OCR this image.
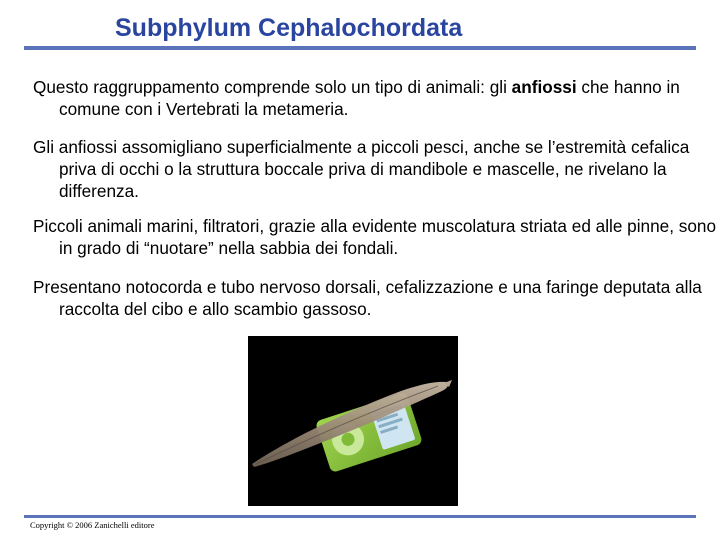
Subphylum Cephalochordata

Questo raggruppamento comprende solo un tipo di animali: gli anfiossi che hanno in comune con i Vertebrati la metameria.

Gli anfiossi assomigliano superficialmente a piccoli pesci, anche se l’estremità cefalica priva di occhi o la struttura boccale priva di mandibole e mascelle, ne rivelano la differenza.

Piccoli animali marini, filtratori, grazie alla evidente muscolatura striata ed alle pinne, sono in grado di “nuotare” nella sabbia dei fondali.

Presentano notocorda e tubo nervoso dorsali, cefalizzazione e una faringe deputata alla raccolta del cibo e allo scambio gassoso.

Copyright © 2006 Zanichelli editore
